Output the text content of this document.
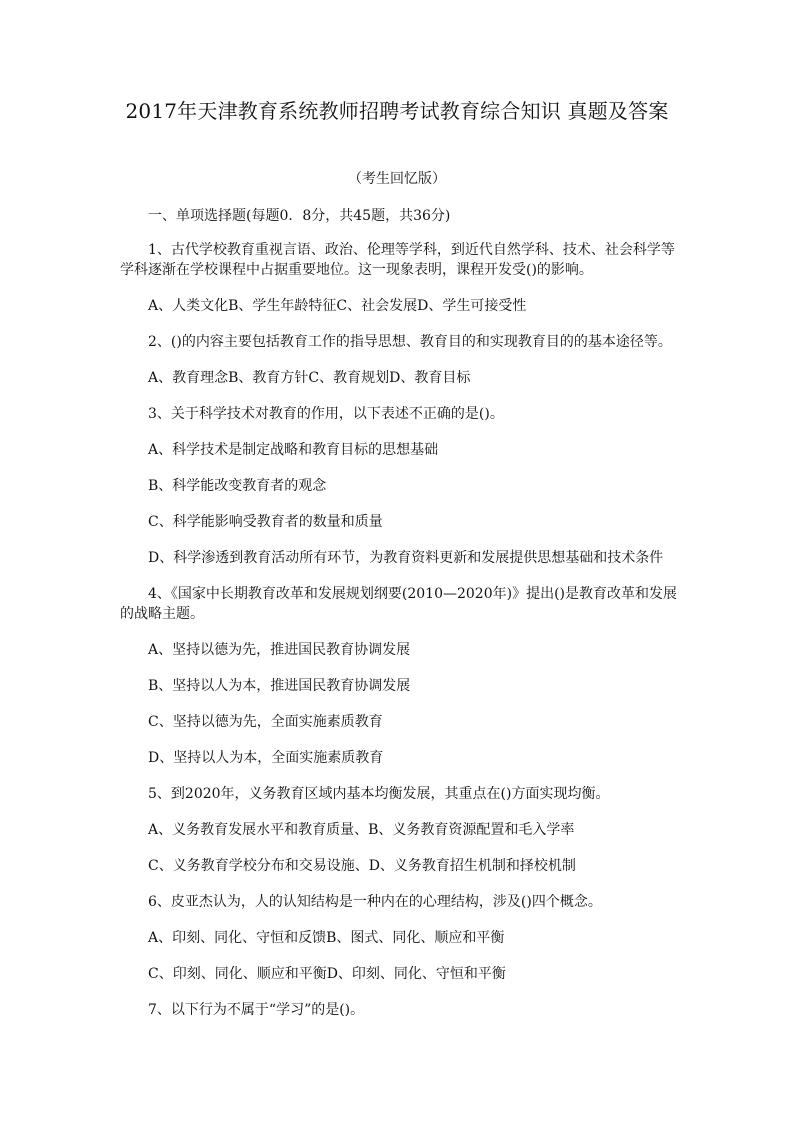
2017年天津教育系统教师招聘考试教育综合知识 真题及答案
（考生回忆版）
一、单项选择题(每题0．8分，共45题，共36分)
1、古代学校教育重视言语、政治、伦理等学科，到近代自然学科、技术、社会科学等学科逐渐在学校课程中占据重要地位。这一现象表明，课程开发受()的影响。
A、人类文化B、学生年龄特征C、社会发展D、学生可接受性
2、()的内容主要包括教育工作的指导思想、教育目的和实现教育目的的基本途径等。
A、教育理念B、教育方针C、教育规划D、教育目标
3、关于科学技术对教育的作用，以下表述不正确的是()。
A、科学技术是制定战略和教育目标的思想基础
B、科学能改变教育者的观念
C、科学能影响受教育者的数量和质量
D、科学渗透到教育活动所有环节，为教育资料更新和发展提供思想基础和技术条件
4、《国家中长期教育改革和发展规划纲要(2010—2020年)》提出()是教育改革和发展的战略主题。
A、坚持以德为先，推进国民教育协调发展
B、坚持以人为本，推进国民教育协调发展
C、坚持以德为先，全面实施素质教育
D、坚持以人为本，全面实施素质教育
5、到2020年，义务教育区域内基本均衡发展，其重点在()方面实现均衡。
A、义务教育发展水平和教育质量、B、义务教育资源配置和毛入学率
C、义务教育学校分布和交易设施、D、义务教育招生机制和择校机制
6、皮亚杰认为，人的认知结构是一种内在的心理结构，涉及()四个概念。
A、印刻、同化、守恒和反馈B、图式、同化、顺应和平衡
C、印刻、同化、顺应和平衡D、印刻、同化、守恒和平衡
7、以下行为不属于“学习”的是()。
